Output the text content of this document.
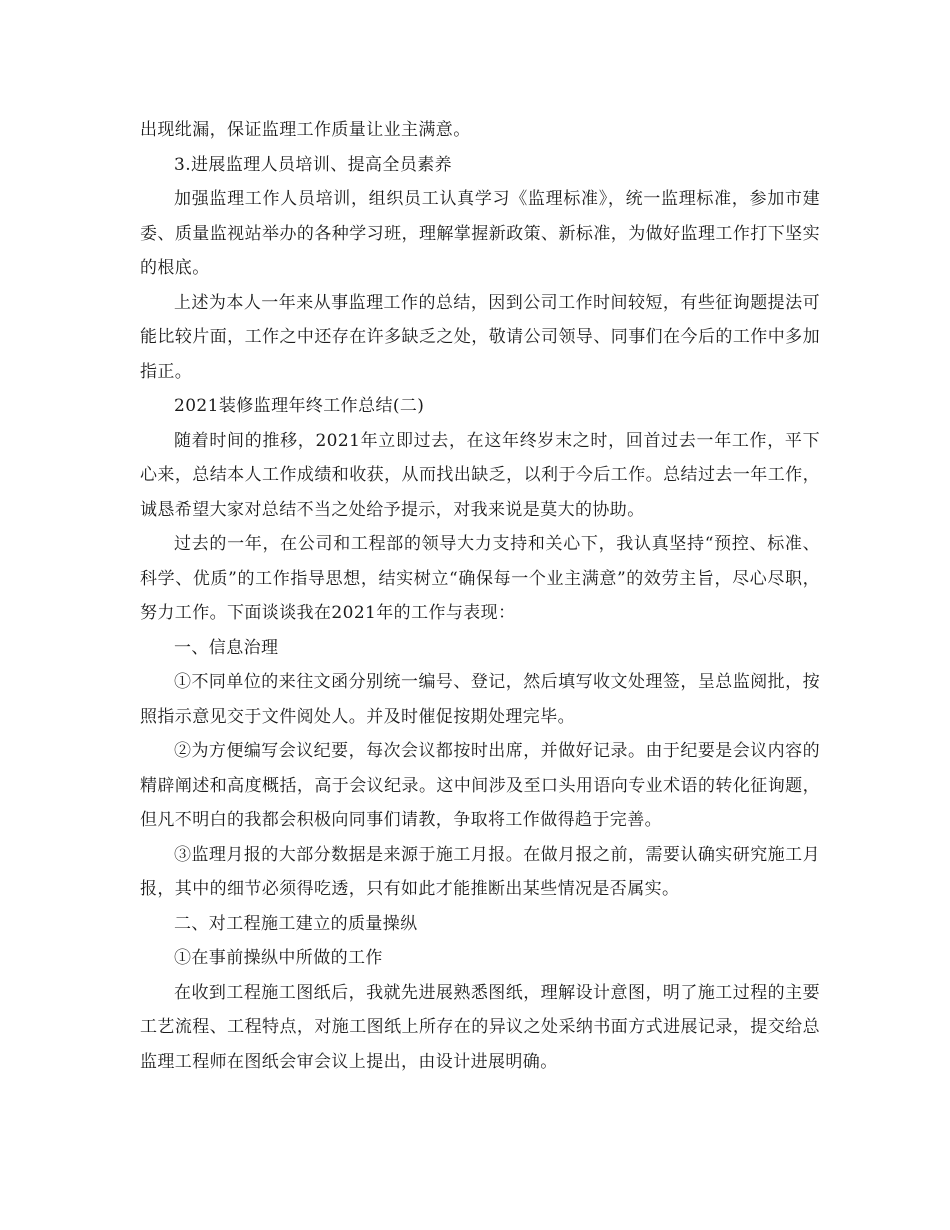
出现纰漏，保证监理工作质量让业主满意。

3.进展监理人员培训、提高全员素养

加强监理工作人员培训，组织员工认真学习《监理标准》，统一监理标准，参加市建委、质量监视站举办的各种学习班，理解掌握新政策、新标准，为做好监理工作打下坚实的根底。

上述为本人一年来从事监理工作的总结，因到公司工作时间较短，有些征询题提法可能比较片面，工作之中还存在许多缺乏之处，敬请公司领导、同事们在今后的工作中多加指正。

2021装修监理年终工作总结(二)

随着时间的推移，2021年立即过去，在这年终岁末之时，回首过去一年工作，平下心来，总结本人工作成绩和收获，从而找出缺乏，以利于今后工作。总结过去一年工作，诚恳希望大家对总结不当之处给予提示，对我来说是莫大的协助。

过去的一年，在公司和工程部的领导大力支持和关心下，我认真坚持“预控、标准、科学、优质”的工作指导思想，结实树立“确保每一个业主满意”的效劳主旨，尽心尽职，努力工作。下面谈谈我在2021年的工作与表现：

一、信息治理

①不同单位的来往文函分别统一编号、登记，然后填写收文处理签，呈总监阅批，按照指示意见交于文件阅处人。并及时催促按期处理完毕。

②为方便编写会议纪要，每次会议都按时出席，并做好记录。由于纪要是会议内容的精辟阐述和高度概括，高于会议纪录。这中间涉及至口头用语向专业术语的转化征询题，但凡不明白的我都会积极向同事们请教，争取将工作做得趋于完善。

③监理月报的大部分数据是来源于施工月报。在做月报之前，需要认确实研究施工月报，其中的细节必须得吃透，只有如此才能推断出某些情况是否属实。

二、对工程施工建立的质量操纵

①在事前操纵中所做的工作

在收到工程施工图纸后，我就先进展熟悉图纸，理解设计意图，明了施工过程的主要工艺流程、工程特点，对施工图纸上所存在的异议之处采纳书面方式进展记录，提交给总监理工程师在图纸会审会议上提出，由设计进展明确。
